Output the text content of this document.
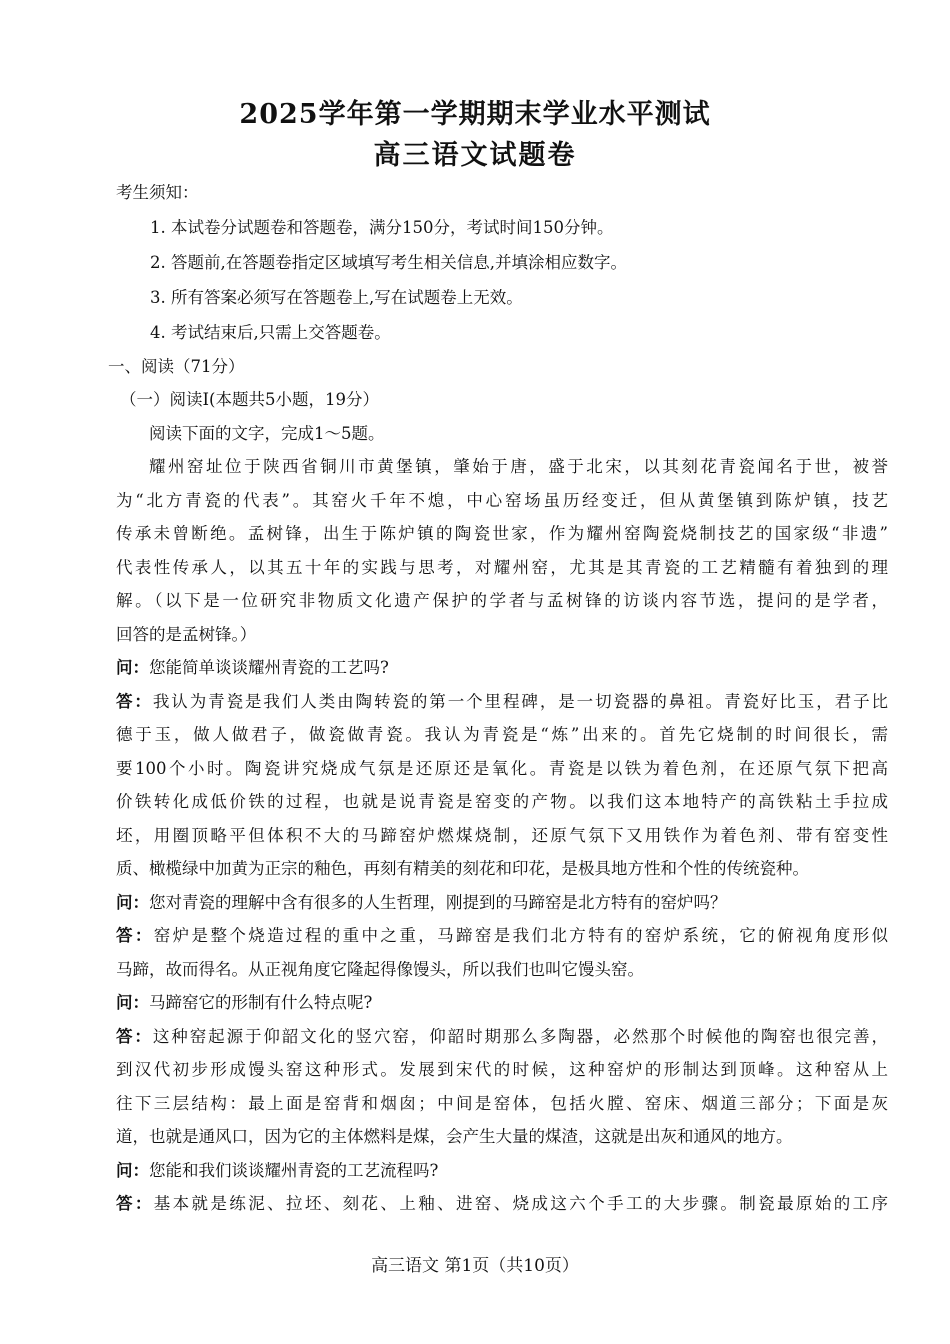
2025学年第一学期期末学业水平测试
高三语文试题卷
考生须知：
1. 本试卷分试题卷和答题卷，满分150分，考试时间150分钟。
2. 答题前,在答题卷指定区域填写考生相关信息,并填涂相应数字。
3. 所有答案必须写在答题卷上,写在试题卷上无效。
4. 考试结束后,只需上交答题卷。
一、阅读（71分）
（一）阅读Ⅰ(本题共5小题，19分）
阅读下面的文字，完成1～5题。
耀州窑址位于陕西省铜川市黄堡镇，肇始于唐，盛于北宋，以其刻花青瓷闻名于世，被誉
为“北方青瓷的代表”。其窑火千年不熄，中心窑场虽历经变迁，但从黄堡镇到陈炉镇，技艺
传承未曾断绝。孟树锋，出生于陈炉镇的陶瓷世家，作为耀州窑陶瓷烧制技艺的国家级“非遗”
代表性传承人，以其五十年的实践与思考，对耀州窑，尤其是其青瓷的工艺精髓有着独到的理
解。（以下是一位研究非物质文化遗产保护的学者与孟树锋的访谈内容节选，提问的是学者，
回答的是孟树锋。）
问：您能简单谈谈耀州青瓷的工艺吗?
答：我认为青瓷是我们人类由陶转瓷的第一个里程碑，是一切瓷器的鼻祖。青瓷好比玉，君子比
德于玉，做人做君子，做瓷做青瓷。我认为青瓷是“炼”出来的。首先它烧制的时间很长，需
要100个小时。陶瓷讲究烧成气氛是还原还是氧化。青瓷是以铁为着色剂，在还原气氛下把高
价铁转化成低价铁的过程，也就是说青瓷是窑变的产物。以我们这本地特产的高铁粘土手拉成
坯，用圈顶略平但体积不大的马蹄窑炉燃煤烧制，还原气氛下又用铁作为着色剂、带有窑变性
质、橄榄绿中加黄为正宗的釉色，再刻有精美的刻花和印花，是极具地方性和个性的传统瓷种。
问：您对青瓷的理解中含有很多的人生哲理，刚提到的马蹄窑是北方特有的窑炉吗？
答：窑炉是整个烧造过程的重中之重，马蹄窑是我们北方特有的窑炉系统，它的俯视角度形似
马蹄，故而得名。从正视角度它隆起得像馒头，所以我们也叫它馒头窑。
问：马蹄窑它的形制有什么特点呢?
答：这种窑起源于仰韶文化的竖穴窑，仰韶时期那么多陶器，必然那个时候他的陶窑也很完善，
到汉代初步形成馒头窑这种形式。发展到宋代的时候，这种窑炉的形制达到顶峰。这种窑从上
往下三层结构：最上面是窑背和烟囱；中间是窑体，包括火膛、窑床、烟道三部分；下面是灰
道，也就是通风口，因为它的主体燃料是煤，会产生大量的煤渣，这就是出灰和通风的地方。
问：您能和我们谈谈耀州青瓷的工艺流程吗?
答：基本就是练泥、拉坯、刻花、上釉、进窑、烧成这六个手工的大步骤。制瓷最原始的工序
高三语文 第1页（共10页）
